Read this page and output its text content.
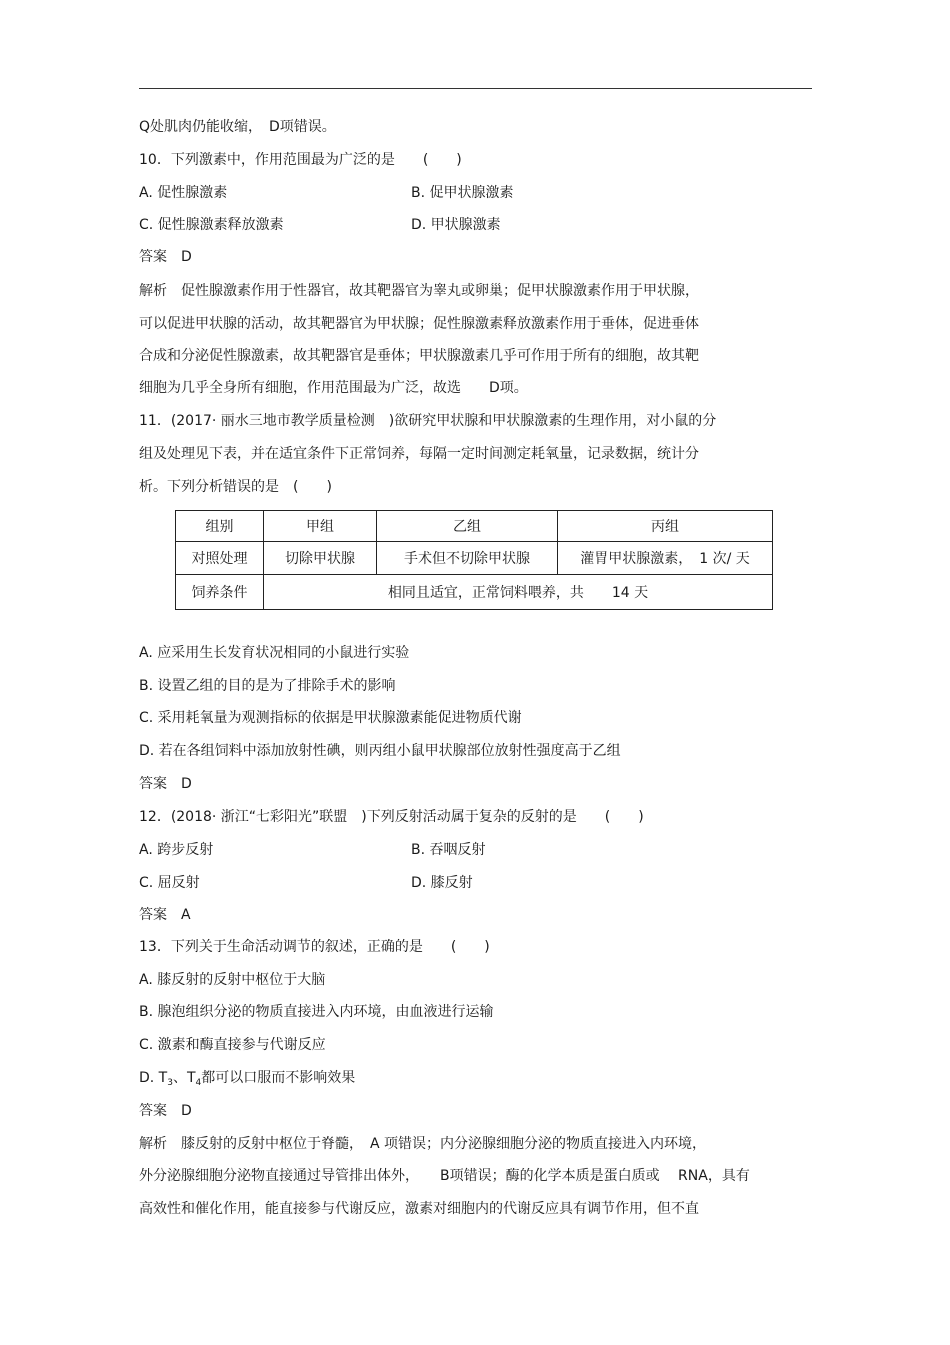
Q处肌肉仍能收缩，　D项错误。
10．下列激素中，作用范围最为广泛的是　　(　　)
A. 促性腺激素	B. 促甲状腺激素
C. 促性腺激素释放激素	D. 甲状腺激素
答案　D
解析　促性腺激素作用于性器官，故其靶器官为睾丸或卵巢；促甲状腺激素作用于甲状腺，
可以促进甲状腺的活动，故其靶器官为甲状腺；促性腺激素释放激素作用于垂体，促进垂体
合成和分泌促性腺激素，故其靶器官是垂体；甲状腺激素几乎可作用于所有的细胞，故其靶
细胞为几乎全身所有细胞，作用范围最为广泛，故选　　D项。
11．(2017· 丽水三地市教学质量检测　)欲研究甲状腺和甲状腺激素的生理作用，对小鼠的分
组及处理见下表，并在适宜条件下正常饲养，每隔一定时间测定耗氧量，记录数据，统计分
析。下列分析错误的是　(　　)
组别	甲组	乙组	丙组
对照处理	切除甲状腺	手术但不切除甲状腺	灌胃甲状腺激素，　1 次/ 天
饲养条件	相同且适宜，正常饲料喂养，共　　14 天		
A. 应采用生长发育状况相同的小鼠进行实验
B. 设置乙组的目的是为了排除手术的影响
C. 采用耗氧量为观测指标的依据是甲状腺激素能促进物质代谢
D. 若在各组饲料中添加放射性碘，则丙组小鼠甲状腺部位放射性强度高于乙组
答案　D
12．(2018· 浙江“七彩阳光”联盟　)下列反射活动属于复杂的反射的是　　(　　)
A. 跨步反射	B. 吞咽反射
C. 屈反射	D. 膝反射
答案　A
13．下列关于生命活动调节的叙述，正确的是　　(　　)
A. 膝反射的反射中枢位于大脑
B. 腺泡组织分泌的物质直接进入内环境，由血液进行运输
C. 激素和酶直接参与代谢反应
D. $T_3$、$T_4$都可以口服而不影响效果
答案　D
解析　膝反射的反射中枢位于脊髓，　A 项错误；内分泌腺细胞分泌的物质直接进入内环境，
外分泌腺细胞分泌物直接通过导管排出体外，　　B项错误；酶的化学本质是蛋白质或　 RNA，具有
高效性和催化作用，能直接参与代谢反应，激素对细胞内的代谢反应具有调节作用，但不直
